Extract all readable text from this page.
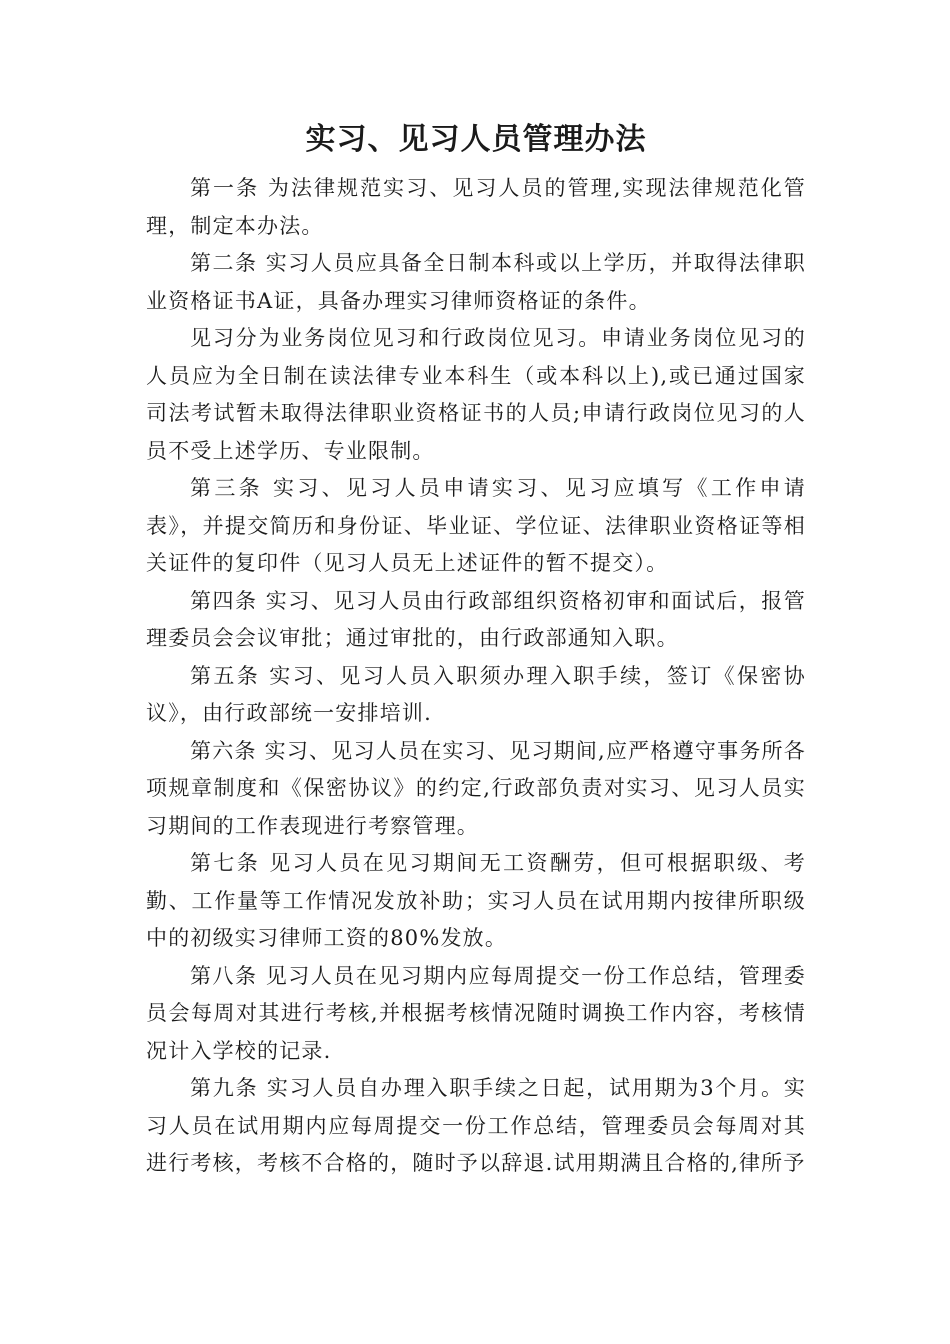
实习、见习人员管理办法

第一条 为法律规范实习、见习人员的管理,实现法律规范化管理，制定本办法。

第二条 实习人员应具备全日制本科或以上学历，并取得法律职业资格证书A证，具备办理实习律师资格证的条件。

见习分为业务岗位见习和行政岗位见习。申请业务岗位见习的人员应为全日制在读法律专业本科生（或本科以上),或已通过国家司法考试暂未取得法律职业资格证书的人员;申请行政岗位见习的人员不受上述学历、专业限制。

第三条 实习、见习人员申请实习、见习应填写《工作申请表》，并提交简历和身份证、毕业证、学位证、法律职业资格证等相关证件的复印件（见习人员无上述证件的暂不提交）。

第四条 实习、见习人员由行政部组织资格初审和面试后，报管理委员会会议审批；通过审批的，由行政部通知入职。

第五条 实习、见习人员入职须办理入职手续，签订《保密协议》，由行政部统一安排培训.

第六条 实习、见习人员在实习、见习期间,应严格遵守事务所各项规章制度和《保密协议》的约定,行政部负责对实习、见习人员实习期间的工作表现进行考察管理。

第七条 见习人员在见习期间无工资酬劳，但可根据职级、考勤、工作量等工作情况发放补助；实习人员在试用期内按律所职级中的初级实习律师工资的80%发放。

第八条 见习人员在见习期内应每周提交一份工作总结，管理委员会每周对其进行考核,并根据考核情况随时调换工作内容，考核情况计入学校的记录.

第九条 实习人员自办理入职手续之日起，试用期为3个月。实习人员在试用期内应每周提交一份工作总结，管理委员会每周对其进行考核，考核不合格的，随时予以辞退.试用期满且合格的,律所予
